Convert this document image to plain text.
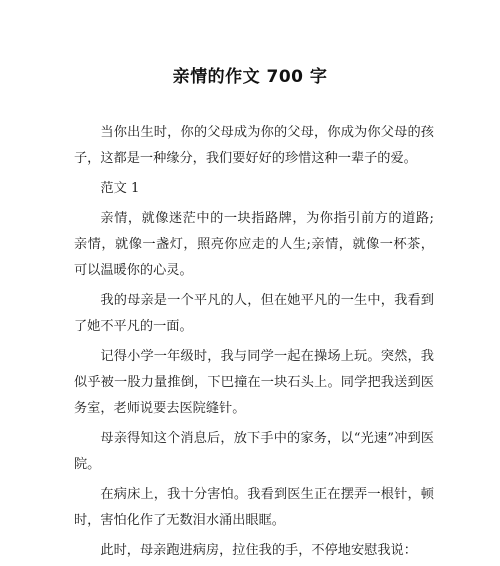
亲情的作文 700 字

当你出生时，你的父母成为你的父母，你成为你父母的孩子，这都是一种缘分，我们要好好的珍惜这种一辈子的爱。

范文 1

亲情，就像迷茫中的一块指路牌，为你指引前方的道路;亲情，就像一盏灯，照亮你应走的人生;亲情，就像一杯茶，可以温暖你的心灵。

我的母亲是一个平凡的人，但在她平凡的一生中，我看到了她不平凡的一面。

记得小学一年级时，我与同学一起在操场上玩。突然，我似乎被一股力量推倒，下巴撞在一块石头上。同学把我送到医务室，老师说要去医院缝针。

母亲得知这个消息后，放下手中的家务，以“光速”冲到医院。

在病床上，我十分害怕。我看到医生正在摆弄一根针，顿时，害怕化作了无数泪水涌出眼眶。

此时，母亲跑进病房，拉住我的手，不停地安慰我说：
